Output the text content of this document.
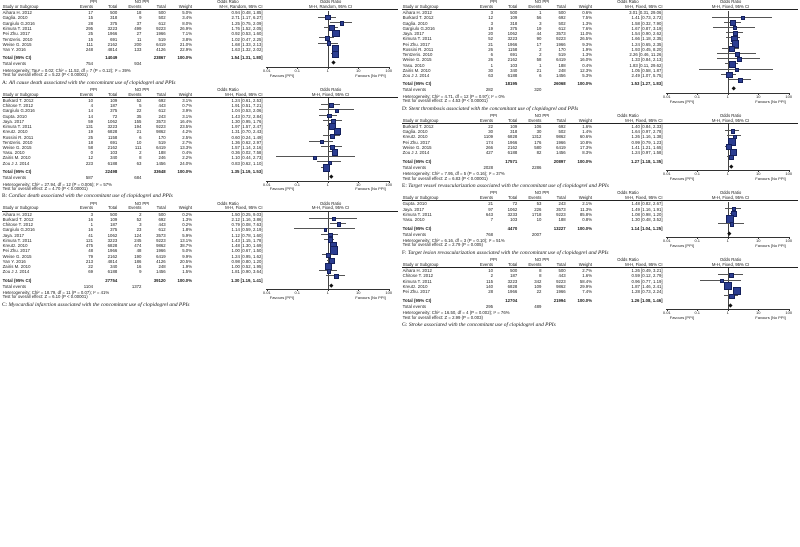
	PPI		NO PPI			Odds Ratio	Odds Ratio
Study or Subgroup	Events	Total	Events	Total	Weight	M-H, Random, 95% CI	M-H, Random, 95% CI
Aihara H. 2012	17	500	18	500	5.0%	0.94 [0.48, 1.85]	
0.01	0.1	1	10	100
Favours [PPI]	Favours [No PPI]

Gaglia. 2010	15	318	9	502	3.4%	2.71 [1.17, 6.27]	
Gargiulo G.2016	28	375	37	612	8.0%	1.25 [0.75, 2.09]	
Kimura T. 2011	295	3223	499	9223	26.9%	1.76 [1.52, 2.05]	
Pei Zhu. 2017	25	1966	27	1966	7.1%	0.92 [0.53, 1.60]	
Tentzeris. 2010	15	691	11	519	3.8%	1.02 [0.47, 2.25]	
Weise G. 2015	111	2162	200	6419	21.0%	1.68 [1.33, 2.13]	
Yan Y. 2016	248	4814	133	4126	22.9%	1.63 [1.32, 2.02]	
Total (95% CI)		14049		23867	100.0%	1.54 [1.31, 1.80]	
Total events	754		934				

Heterogeneity: Tau² = 0.02; Chi² = 11.52, df = 7 (P = 0.12); I² = 39%
Test for overall effect: Z = 5.22 (P < 0.00001)							
A: All cause death associated with the concomitant use of clopidogrel and PPIs
	PPI		NO PPI			Odds Ratio	Odds Ratio
Study or Subgroup	Events	Total	Events	Total	Weight	M-H, Fixed, 95% CI	M-H, Fixed, 95% CI
Burkard T. 2012	10	109	52	692	3.1%	1.24 [0.61, 2.53]	
0.01	0.1	1	10	100
Favours [PPI]	Favours [No PPI]

Chitose T. 2012	4	187	5	443	0.7%	1.91 [0.51, 7.21]	
Gargiulo G.2016	14	375	22	612	3.9%	1.04 [0.53, 2.06]	
Gupta. 2010	14	72	35	243	3.1%	1.43 [0.72, 2.84]	
Jaya. 2017	59	1062	155	3573	16.4%	1.30 [0.95, 1.76]	
Kimura T. 2011	131	3223	194	9223	23.5%	1.97 [1.57, 2.47]	
Kreutz. 2010	19	6828	21	9862	4.2%	1.31 [0.70, 2.43]	
Rossini R. 2011	25	1158	6	170	2.5%	0.60 [0.24, 1.49]	
Tentzeris. 2010	18	691	10	519	2.7%	1.36 [0.62, 2.97]	
Weise G. 2015	58	2162	111	6419	13.3%	1.57 [1.14, 2.16]	
Yasu. 2010	0	103	2	188	0.4%	0.36 [0.02, 7.58]	
Zairis M. 2010	12	340	8	246	2.2%	1.10 [0.44, 2.73]	
Zou J J. 2014	223	6188	63	1456	24.0%	0.83 [0.62, 1.10]	
Total (95% CI)		22498		33648	100.0%	1.35 [1.19, 1.53]	
Total events	587		684				

Heterogeneity: Chi² = 27.94, df = 12 (P = 0.006); I² = 57%
Test for overall effect: Z = 4.70 (P < 0.00001)							
B: Cardiac death associated with the concomitant use of clopidogrel and PPIs
	PPI		NO PPI			Odds Ratio	Odds Ratio
Study or Subgroup	Events	Total	Events	Total	Weight	M-H, Fixed, 95% CI	M-H, Fixed, 95% CI
Aihara H. 2012	3	500	2	500	0.2%	1.50 [0.25, 9.03]	
0.01	0.1	1	10	100
Favours [PPI]	Favours [No PPI]

Burkard T. 2012	16	109	52	692	1.3%	2.12 [1.16, 3.86]	
Chitose T. 2012	1	187	3	443	0.2%	0.79 [0.08, 7.63]	
Gargiulo G.2016	16	375	23	612	1.8%	1.14 [0.59, 2.19]	
Jaya. 2017	41	1062	124	3573	5.9%	1.12 [0.78, 1.60]	
Kimura T. 2011	121	3223	245	9223	13.1%	1.43 [1.15, 1.78]	
Kreutz. 2010	475	6828	474	9862	38.7%	1.48 [1.30, 1.69]	
Pei Zhu. 2017	48	1966	48	1966	5.0%	1.00 [0.67, 1.50]	
Weise G. 2015	79	2162	190	6419	9.9%	1.24 [0.95, 1.62]	
Yan Y. 2016	213	4814	186	4126	20.5%	0.98 [0.80, 1.20]	
Zairis M. 2010	22	340	16	248	1.9%	1.00 [0.52, 1.95]	
Zou J J. 2014	69	6188	9	1456	1.5%	1.81 [0.90, 3.64]	
Total (95% CI)		27754		39120	100.0%	1.30 [1.19, 1.41]	
Total events	1104		1372				

Heterogeneity: Chi² = 18.79, df = 11 (P = 0.07); I² = 41%
Test for overall effect: Z = 6.10 (P < 0.00001)							
C: Myocardial infarction associated with the concomitant use of clopidogrel and PPIs
	PPI		NO PPI			Odds Ratio	Odds Ratio
Study or Subgroup	Events	Total	Events	Total	Weight	M-H, Fixed, 95% CI	M-H, Fixed, 95% CI
Aihara H. 2012	3	500	1	500	0.6%	3.01 [0.31, 29.06]	
0.01	0.1	1	10	100
Favours [PPI]	Favours [No PPI]

Burkard T. 2012	12	109	56	692	7.5%	1.41 [0.73, 2.72]	
Gaglia. 2010	3	318	3	502	1.3%	1.58 [0.32, 7.90]	
Gargiulo G.2016	19	375	19	612	7.6%	1.67 [0.87, 3.19]	
Jaya. 2017	20	1062	44	3573	11.0%	1.54 [0.90, 2.62]	
Kimura T. 2011	52	3223	90	9223	26.5%	1.66 [1.18, 2.35]	
Pei Zhu. 2017	21	1966	17	1966	9.3%	1.24 [0.65, 2.35]	
Rossini R. 2011	26	1158	2	170	1.9%	1.93 [0.45, 8.20]	
Tentzeris. 2010	6	691	2	519	1.3%	2.26 [0.46, 11.26]	
Weise G. 2015	26	2162	58	6419	16.0%	1.33 [0.84, 2.13]	
Yasu. 2010	1	103	1	188	0.4%	1.83 [0.11, 29.62]	
Zairis M. 2010	30	340	21	248	12.3%	1.05 [0.58, 1.87]	
Zou J J. 2014	63	6188	6	1456	5.3%	2.49 [1.07, 5.75]	
Total (95% CI)		18195		26068	100.0%	1.53 [1.27, 1.83]	
Total events	282		320				

Heterogeneity: Chi² = 4.71, df = 12 (P = 0.97); I² = 0%
Test for overall effect: Z = 4.53 (P < 0.00001)							
D: Stent thrombosis associated with the concomitant use of clopidogrel and PPIs
	PPI		NO PPI			Odds Ratio	Odds Ratio
Study or Subgroup	Events	Total	Events	Total	Weight	M-H, Fixed, 95% CI	M-H, Fixed, 95% CI
Burkard T. 2012	22	109	106	692	1.6%	1.40 [0.84, 2.33]	
0.01	0.1	1	10	100
Favours [PPI]	Favours [No PPI]

Gaglia. 2010	30	318	30	502	1.4%	1.64 [0.97, 2.78]	
Kreutz. 2010	1109	6828	1312	9862	60.6%	1.26 [1.16, 1.38]	
Pei Zhu. 2017	174	1966	176	1966	10.8%	0.99 [0.79, 1.23]	
Weise G. 2015	266	2162	580	6419	17.3%	1.41 [1.21, 1.65]	
Zou J J. 2014	427	6188	82	1456	8.3%	1.24 [0.97, 1.58]	
Total (95% CI)		17571		20897	100.0%	1.27 [1.18, 1.35]	
Total events	2028		2286				

Heterogeneity: Chi² = 7.95, df = 5 (P = 0.16); I² = 37%
Test for overall effect: Z = 6.83 (P < 0.00001)							
E: Target vessel revascularization associated with the concomitant use of clopidogrel and PPIs
	PPI		NO PPI			Odds Ratio	Odds Ratio
Study or Subgroup	Events	Total	Events	Total	Weight	M-H, Fixed, 95% CI	M-H, Fixed, 95% CI
Gupta. 2010	21	72	53	243	2.1%	1.48 [0.82, 2.67]	
0.01	0.1	1	10	100
Favours [PPI]	Favours [No PPI]

Jaya. 2017	97	1062	226	3573	11.3%	1.49 [1.16, 1.91]	
Kimura T. 2011	643	3233	1718	9223	85.8%	1.08 [0.98, 1.20]	
Yasu. 2010	7	103	10	188	0.8%	1.30 [0.48, 3.52]	
Total (95% CI)		4470		13227	100.0%	1.14 [1.04, 1.25]	
Total events	768		2007				

Heterogeneity: Chi² = 6.16, df = 3 (P = 0.10); I² = 51%
Test for overall effect: Z = 2.79 (P = 0.005)							
F: Target lesion revascularization associated with the concomitant use of clopidogrel and PPIs
	PPI		NO PPI			Odds Ratio	Odds Ratio
Study or Subgroup	Events	Total	Events	Total	Weight	M-H, Fixed, 95% CI	M-H, Fixed, 95% CI
Aihara H. 2012	10	500	8	500	2.7%	1.26 [0.49, 3.21]	
0.01	0.1	1	10	100
Favours [PPI]	Favours [No PPI]

Chitose T. 2012	2	187	8	443	1.6%	0.59 [0.12, 2.79]	
Kimura T. 2011	115	3223	342	9223	58.4%	0.96 [0.77, 1.19]	
Kreutz. 2010	140	6828	109	9862	29.9%	1.87 [1.46, 2.41]	
Pei Zhu. 2017	28	1966	22	1966	7.4%	1.28 [0.73, 2.24]	
Total (95% CI)		12704		21994	100.0%	1.26 [1.08, 1.46]	
Total events	295		489				

Heterogeneity: Chi² = 16.50, df = 4 (P = 0.002); I² = 76%
Test for overall effect: Z = 2.99 (P = 0.003)							
G: Stroke associated with the concomitant use of clopidogrel and PPIs
